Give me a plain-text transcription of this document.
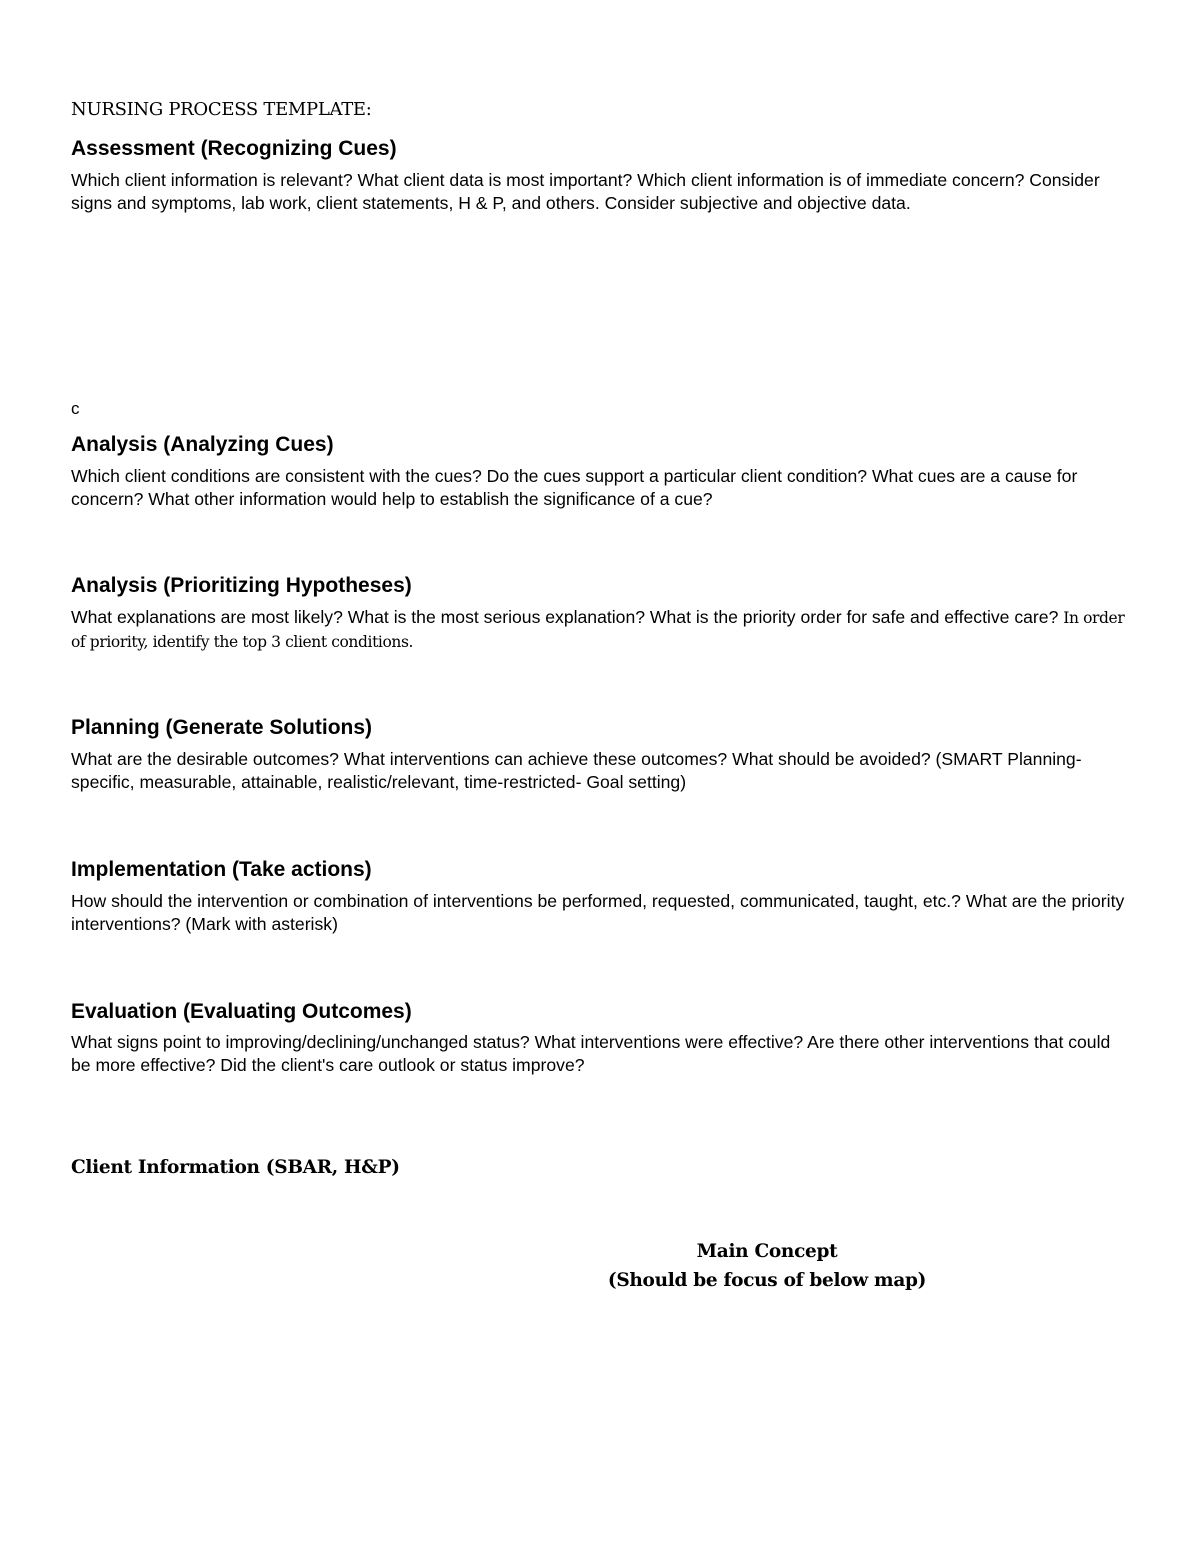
NURSING PROCESS TEMPLATE:
Assessment (Recognizing Cues)
Which client information is relevant? What client data is most important? Which client information is of immediate concern? Consider signs and symptoms, lab work, client statements, H & P, and others. Consider subjective and objective data.
c
Analysis (Analyzing Cues)
Which client conditions are consistent with the cues? Do the cues support a particular client condition? What cues are a cause for concern? What other information would help to establish the significance of a cue?
Analysis (Prioritizing Hypotheses)
What explanations are most likely? What is the most serious explanation? What is the priority order for safe and effective care? In order of priority, identify the top 3 client conditions.
Planning (Generate Solutions)
What are the desirable outcomes? What interventions can achieve these outcomes? What should be avoided? (SMART Planning- specific, measurable, attainable, realistic/relevant, time-restricted- Goal setting)
Implementation (Take actions)
How should the intervention or combination of interventions be performed, requested, communicated, taught, etc.? What are the priority interventions? (Mark with asterisk)
Evaluation (Evaluating Outcomes)
What signs point to improving/declining/unchanged status? What interventions were effective? Are there other interventions that could be more effective? Did the client's care outlook or status improve?
Client Information (SBAR, H&P)
Main Concept
(Should be focus of below map)
